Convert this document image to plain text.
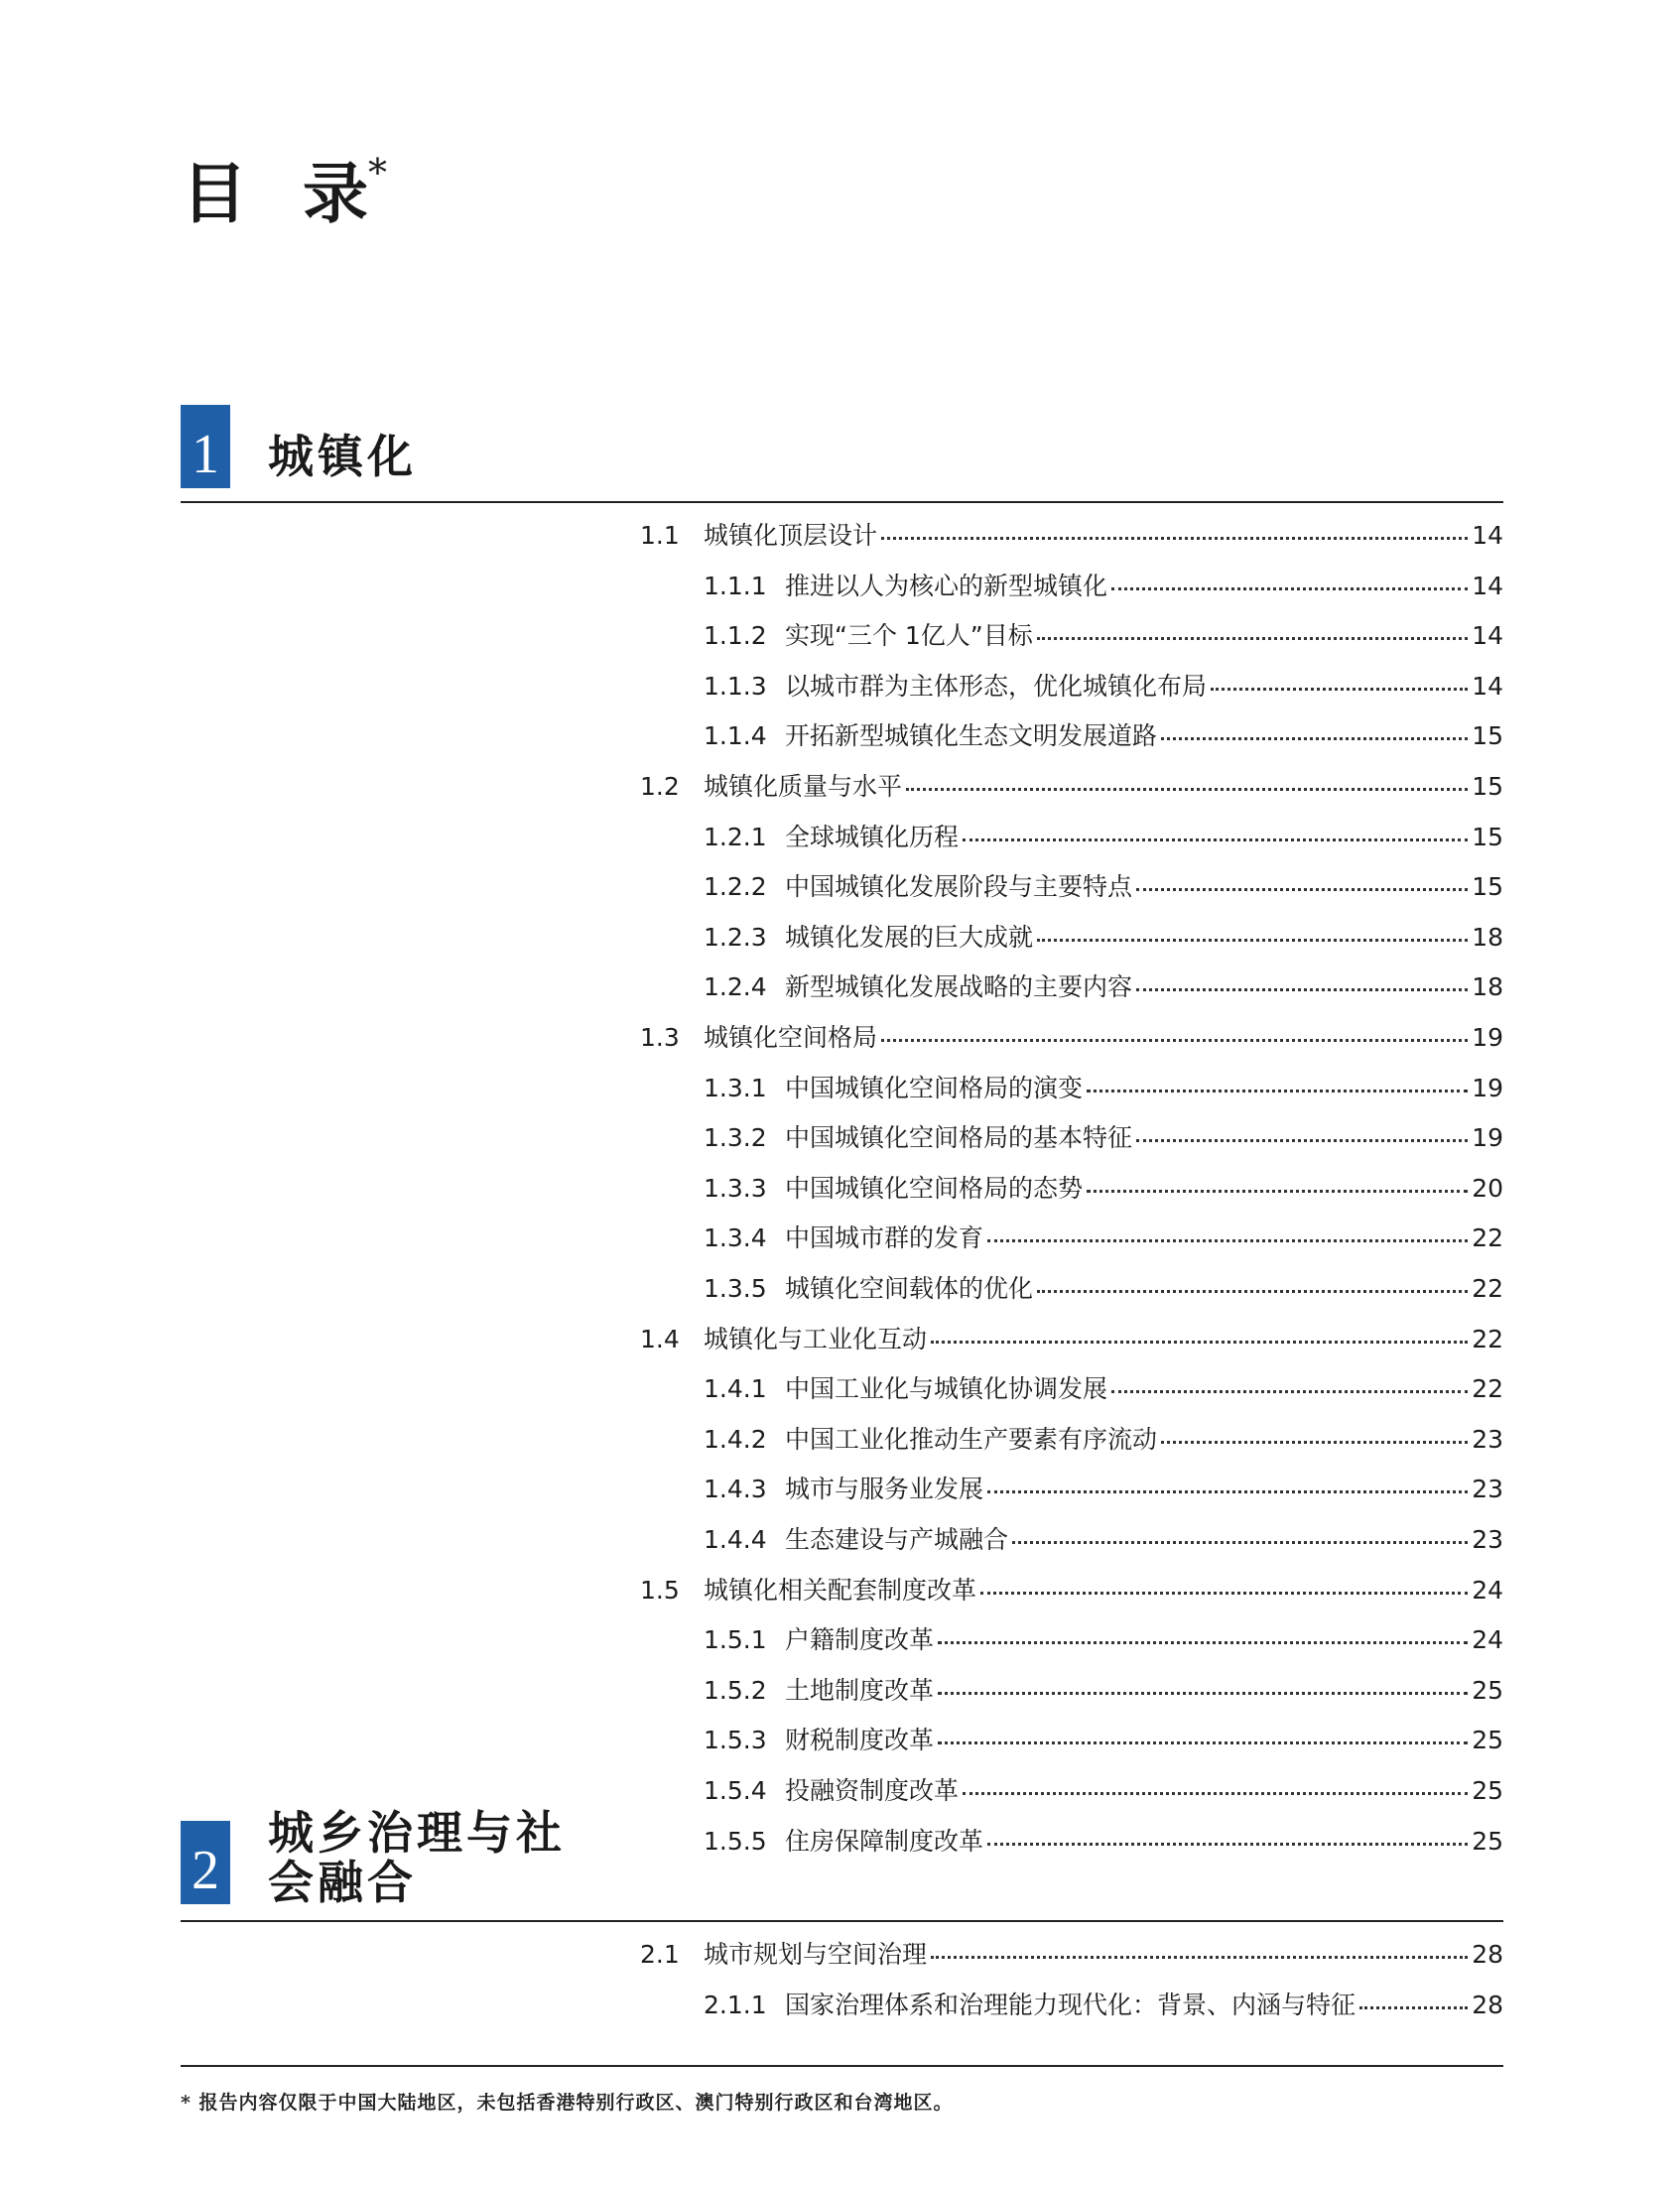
目 录*
1 城镇化
1.1 城镇化顶层设计	14
1.1.1 推进以人为核心的新型城镇化	14
1.1.2 实现“三个 1亿人”目标	14
1.1.3 以城市群为主体形态，优化城镇化布局	14
1.1.4 开拓新型城镇化生态文明发展道路	15
1.2 城镇化质量与水平	15
1.2.1 全球城镇化历程	15
1.2.2 中国城镇化发展阶段与主要特点	15
1.2.3 城镇化发展的巨大成就	18
1.2.4 新型城镇化发展战略的主要内容	18
1.3 城镇化空间格局	19
1.3.1 中国城镇化空间格局的演变	19
1.3.2 中国城镇化空间格局的基本特征	19
1.3.3 中国城镇化空间格局的态势	20
1.3.4 中国城市群的发育	22
1.3.5 城镇化空间载体的优化	22
1.4 城镇化与工业化互动	22
1.4.1 中国工业化与城镇化协调发展	22
1.4.2 中国工业化推动生产要素有序流动	23
1.4.3 城市与服务业发展	23
1.4.4 生态建设与产城融合	23
1.5 城镇化相关配套制度改革	24
1.5.1 户籍制度改革	24
1.5.2 土地制度改革	25
1.5.3 财税制度改革	25
1.5.4 投融资制度改革	25
1.5.5 住房保障制度改革	25
2
城乡治理与社
会融合
2.1 城市规划与空间治理	28
2.1.1 国家治理体系和治理能力现代化：背景、内涵与特征	28
* 报告内容仅限于中国大陆地区，未包括香港特别行政区、澳门特别行政区和台湾地区。
